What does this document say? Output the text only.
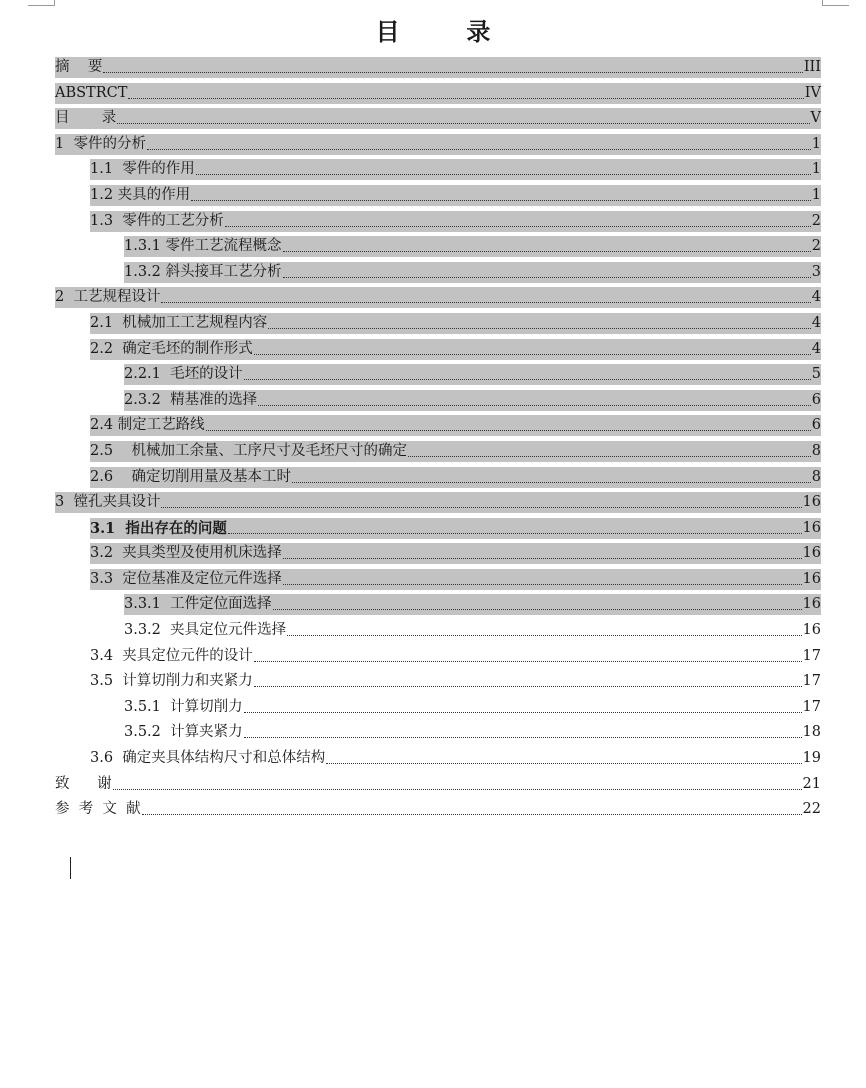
目        录
摘    要	III
ABSTRCT	IV
目       录	V
1  零件的分析	1
1.1  零件的作用	1
1.2 夹具的作用	1
1.3  零件的工艺分析	2
1.3.1 零件工艺流程概念	2
1.3.2 斜头接耳工艺分析	3
2  工艺规程设计	4
2.1  机械加工工艺规程内容	4
2.2  确定毛坯的制作形式	4
2.2.1  毛坯的设计	5
2.3.2  精基准的选择	6
2.4 制定工艺路线	6
2.5    机械加工余量、工序尺寸及毛坯尺寸的确定	8
2.6    确定切削用量及基本工时	8
3  镗孔夹具设计	16
3.1  指出存在的问题	16
3.2  夹具类型及使用机床选择	16
3.3  定位基准及定位元件选择	16
3.3.1  工件定位面选择	16
3.3.2  夹具定位元件选择	16
3.4  夹具定位元件的设计	17
3.5  计算切削力和夹紧力	17
3.5.1  计算切削力	17
3.5.2  计算夹紧力	18
3.6  确定夹具体结构尺寸和总体结构	19
致      谢	21
参  考  文  献	22
